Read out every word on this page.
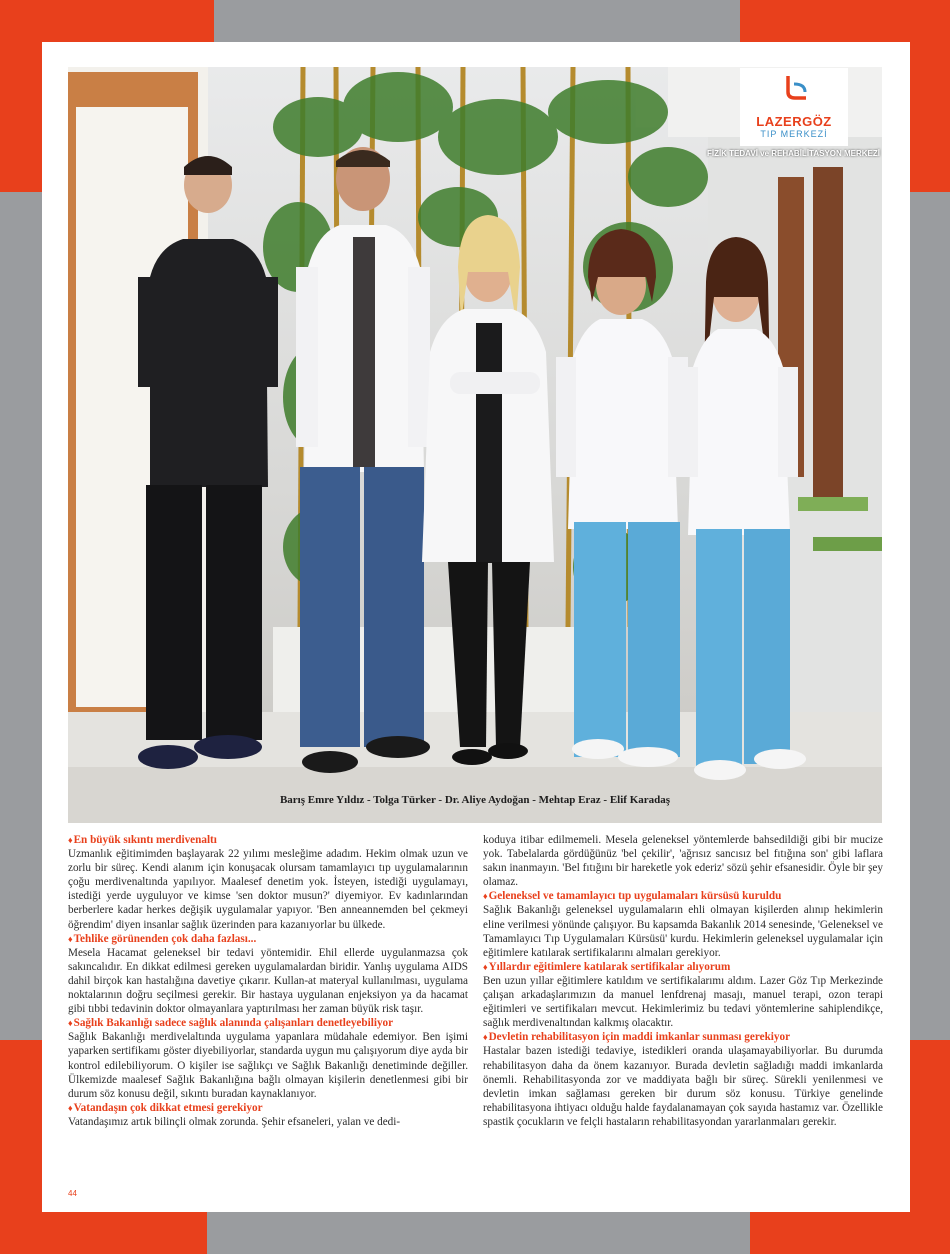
LAZERGÖZ
TIP MERKEZİ
FİZİK TEDAVİ ve REHABİLİTASYON MERKEZİ
Barış Emre Yıldız - Tolga Türker - Dr. Aliye Aydoğan - Mehtap Eraz - Elif Karadaş
♦En büyük sıkıntı merdivenaltı

Uzmanlık eğitimimden başlayarak 22 yılımı mesleğime adadım. Hekim olmak uzun ve zorlu bir süreç. Kendi alanım için konuşacak olursam tamamlayıcı tıp uygulamalarının çoğu merdivenaltında yapılıyor. Maalesef denetim yok. İsteyen, istediği uygulamayı, istediği yerde uyguluyor ve kimse 'sen doktor musun?' diyemiyor. Ev kadınlarından berberlere kadar herkes değişik uygulamalar yapıyor. 'Ben anneannemden bel çekmeyi öğrendim' diyen insanlar sağlık üzerinden para kazanıyorlar bu ülkede.

♦Tehlike görünenden çok daha fazlası...

Mesela Hacamat geleneksel bir tedavi yöntemidir. Ehil ellerde uygulanmazsa çok sakıncalıdır. En dikkat edilmesi gereken uygulamalardan biridir. Yanlış uygulama AIDS dahil birçok kan hastalığına davetiye çıkarır. Kullan-at materyal kullanılması, uygulama noktalarının doğru seçilmesi gerekir. Bir hastaya uygulanan enjeksiyon ya da hacamat gibi tıbbi tedavinin doktor olmayanlara yaptırılması her zaman büyük risk taşır.

♦Sağlık Bakanlığı sadece sağlık alanında çalışanları denetleyebiliyor

Sağlık Bakanlığı merdivelaltında uygulama yapanlara müdahale edemiyor. Ben işimi yaparken sertifikamı göster diyebiliyorlar, standarda uygun mu çalışıyorum diye ayda bir kontrol edilebiliyorum. O kişiler ise sağlıkçı ve Sağlık Bakanlığı denetiminde değiller. Ülkemizde maalesef Sağlık Bakanlığına bağlı olmayan kişilerin denetlenmesi gibi bir durum söz konusu değil, sıkıntı buradan kaynaklanıyor.

♦Vatandaşın çok dikkat etmesi gerekiyor

Vatandaşımız artık bilinçli olmak zorunda. Şehir efsaneleri, yalan ve dedi-

koduya itibar edilmemeli. Mesela geleneksel yöntemlerde bahsedildiği gibi bir mucize yok. Tabelalarda gördüğünüz 'bel çekilir', 'ağrısız sancısız bel fıtığına son' gibi laflara sakın inanmayın. 'Bel fıtığını bir hareketle yok ederiz' sözü şehir efsanesidir. Öyle bir şey olamaz.

♦Geleneksel ve tamamlayıcı tıp uygulamaları kürsüsü kuruldu

Sağlık Bakanlığı geleneksel uygulamaların ehli olmayan kişilerden alınıp hekimlerin eline verilmesi yönünde çalışıyor. Bu kapsamda Bakanlık 2014 senesinde, 'Geleneksel ve Tamamlayıcı Tıp Uygulamaları Kürsüsü' kurdu. Hekimlerin geleneksel uygulamalar için eğitimlere katılarak sertifikalarını almaları gerekiyor.

♦Yıllardır eğitimlere katılarak sertifikalar alıyorum

Ben uzun yıllar eğitimlere katıldım ve sertifikalarımı aldım. Lazer Göz Tıp Merkezinde çalışan arkadaşlarımızın da manuel lenfdrenaj masajı, manuel terapi, ozon terapi eğitimleri ve sertifikaları mevcut. Hekimlerimiz bu tedavi yöntemlerine sahiplendikçe, sağlık merdivenaltından kalkmış olacaktır.

♦Devletin rehabilitasyon için maddi imkanlar sunması gerekiyor

Hastalar bazen istediği tedaviye, istedikleri oranda ulaşamayabiliyorlar. Bu durumda rehabilitasyon daha da önem kazanıyor. Burada devletin sağladığı maddi imkanlarda önemli. Rehabilitasyonda zor ve maddiyata bağlı bir süreç. Sürekli yenilenmesi ve devletin imkan sağlaması gereken bir durum söz konusu. Türkiye genelinde rehabilitasyona ihtiyacı olduğu halde faydalanamayan çok sayıda hastamız var. Özellikle spastik çocukların ve felçli hastaların rehabilitasyondan yararlanmaları gerekir.

44
